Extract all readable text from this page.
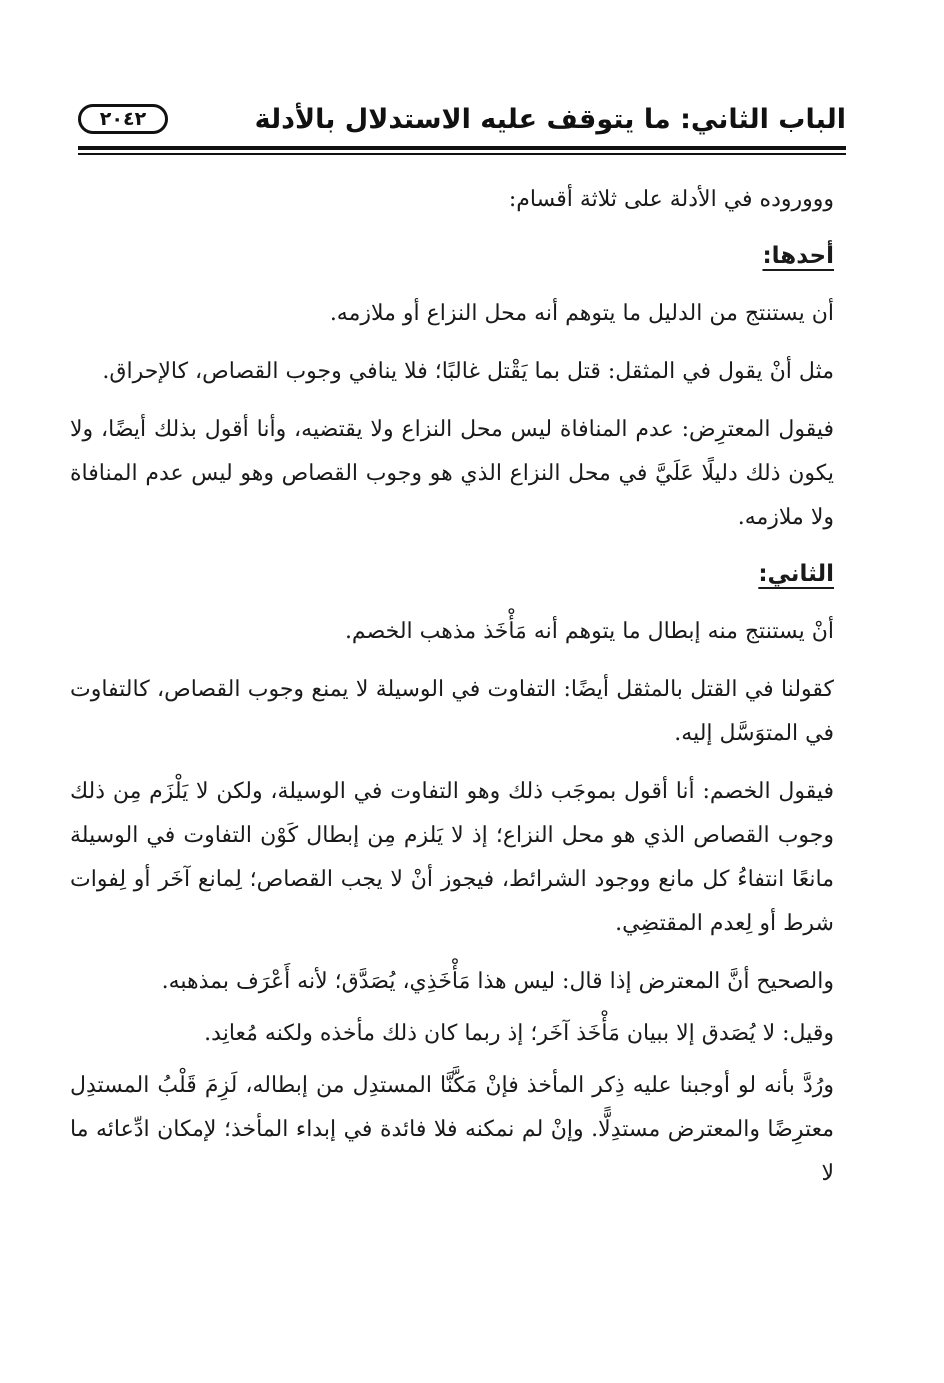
الباب الثاني: ما يتوقف عليه الاستدلال بالأدلة
٢٠٤٢

وووروده في الأدلة على ثلاثة أقسام:

أحدها:

أن يستنتج من الدليل ما يتوهم أنه محل النزاع أو ملازمه.

مثل أنْ يقول في المثقل: قتل بما يَقْتل غالبًا؛ فلا ينافي وجوب القصاص، كالإحراق.

فيقول المعترِض: عدم المنافاة ليس محل النزاع ولا يقتضيه، وأنا أقول بذلك أيضًا، ولا يكون ذلك دليلًا عَلَيَّ في محل النزاع الذي هو وجوب القصاص وهو ليس عدم المنافاة ولا ملازمه.

الثاني:

أنْ يستنتج منه إبطال ما يتوهم أنه مَأْخَذ مذهب الخصم.

كقولنا في القتل بالمثقل أيضًا: التفاوت في الوسيلة لا يمنع وجوب القصاص، كالتفاوت في المتوَسَّل إليه.

فيقول الخصم: أنا أقول بموجَب ذلك وهو التفاوت في الوسيلة، ولكن لا يَلْزَم مِن ذلك وجوب القصاص الذي هو محل النزاع؛ إذ لا يَلزم مِن إبطال كَوْن التفاوت في الوسيلة مانعًا انتفاءُ كل مانع ووجود الشرائط، فيجوز أنْ لا يجب القصاص؛ لِمانع آخَر أو لِفوات شرط أو لِعدم المقتضِي.

والصحيح أنَّ المعترض إذا قال: ليس هذا مَأْخَذِي، يُصَدَّق؛ لأنه أَعْرَف بمذهبه.

وقيل: لا يُصَدق إلا ببيان مَأْخَذ آخَر؛ إذ ربما كان ذلك مأخذه ولكنه مُعانِد.

ورُدَّ بأنه لو أوجبنا عليه ذِكر المأخذ فإنْ مَكَّنَّا المستدِل من إبطاله، لَزِمَ قَلْبُ المستدِل معترِضًا والمعترض مستدِلًّا. وإنْ لم نمكنه فلا فائدة في إبداء المأخذ؛ لإمكان ادِّعائه ما لا
